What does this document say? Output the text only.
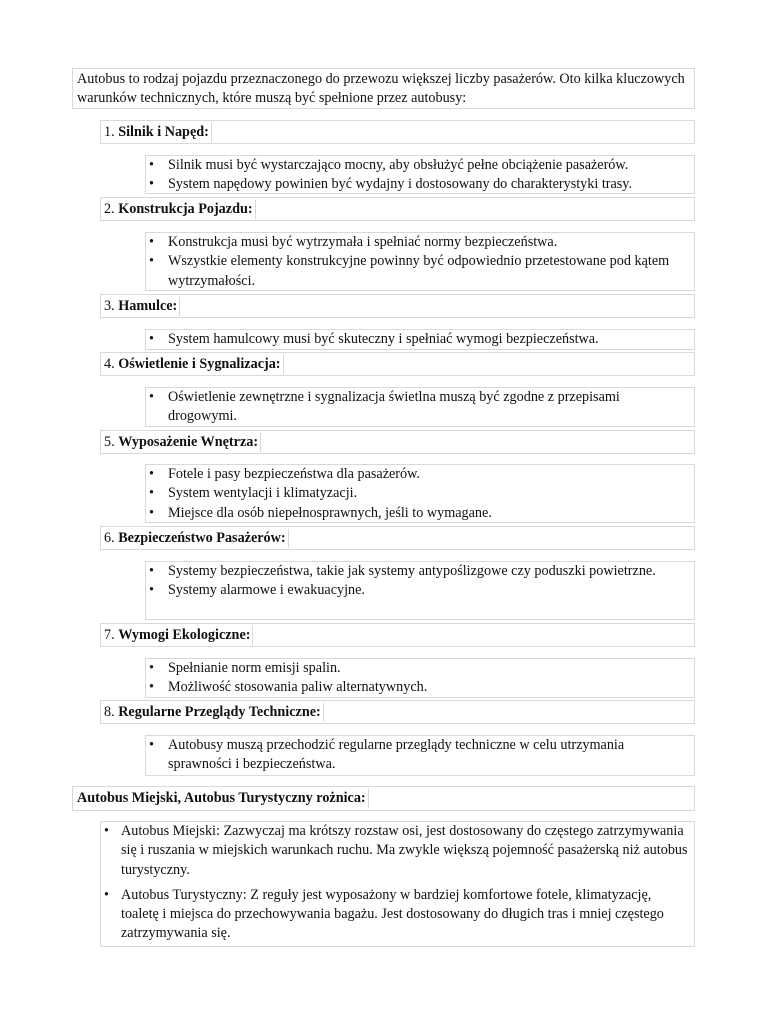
Autobus to rodzaj pojazdu przeznaczonego do przewozu większej liczby pasażerów. Oto kilka kluczowych warunków technicznych, które muszą być spełnione przez autobusy:
1. Silnik i Napęd:
• Silnik musi być wystarczająco mocny, aby obsłużyć pełne obciążenie pasażerów.
• System napędowy powinien być wydajny i dostosowany do charakterystyki trasy.
2. Konstrukcja Pojazdu:
• Konstrukcja musi być wytrzymała i spełniać normy bezpieczeństwa.
• Wszystkie elementy konstrukcyjne powinny być odpowiednio przetestowane pod kątem wytrzymałości.
3. Hamulce:
• System hamulcowy musi być skuteczny i spełniać wymogi bezpieczeństwa.
4. Oświetlenie i Sygnalizacja:
• Oświetlenie zewnętrzne i sygnalizacja świetlna muszą być zgodne z przepisami drogowymi.
5. Wyposażenie Wnętrza:
• Fotele i pasy bezpieczeństwa dla pasażerów.
• System wentylacji i klimatyzacji.
• Miejsce dla osób niepełnosprawnych, jeśli to wymagane.
6. Bezpieczeństwo Pasażerów:
• Systemy bezpieczeństwa, takie jak systemy antypoślizgowe czy poduszki powietrzne.
• Systemy alarmowe i ewakuacyjne.
7. Wymogi Ekologiczne:
• Spełnianie norm emisji spalin.
• Możliwość stosowania paliw alternatywnych.
8. Regularne Przeglądy Techniczne:
• Autobusy muszą przechodzić regularne przeglądy techniczne w celu utrzymania sprawności i bezpieczeństwa.
Autobus Miejski, Autobus Turystyczny rożnica:
• Autobus Miejski: Zazwyczaj ma krótszy rozstaw osi, jest dostosowany do częstego zatrzymywania się i ruszania w miejskich warunkach ruchu. Ma zwykle większą pojemność pasażerską niż autobus turystyczny.
• Autobus Turystyczny: Z reguły jest wyposażony w bardziej komfortowe fotele, klimatyzację, toaletę i miejsca do przechowywania bagażu. Jest dostosowany do długich tras i mniej częstego zatrzymywania się.
